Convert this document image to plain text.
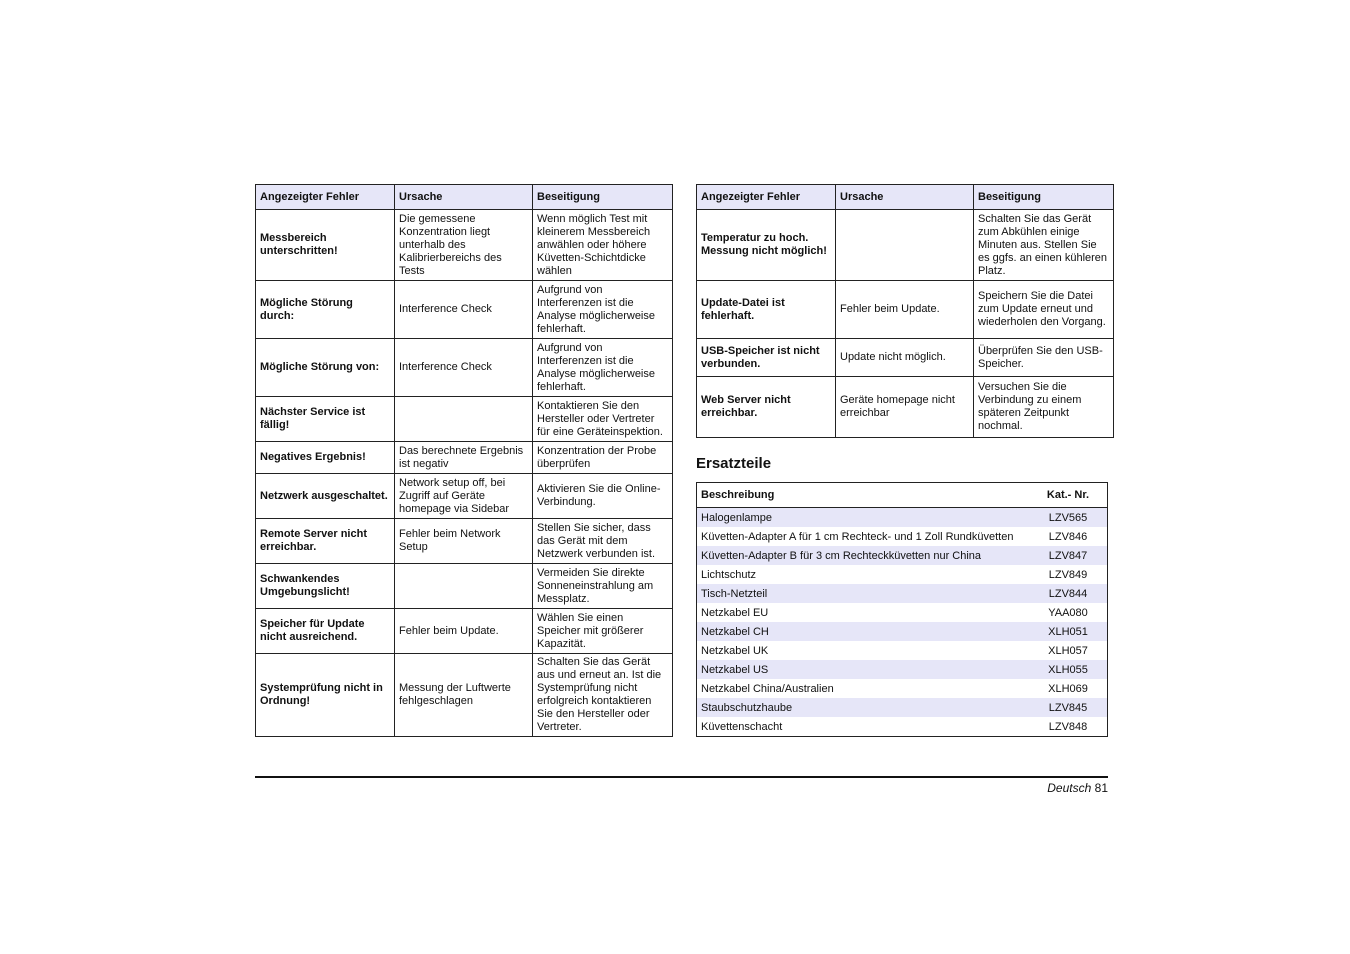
Angezeigter Fehler	Ursache	Beseitigung
Messbereich unterschritten!	Die gemessene Konzentration liegt unterhalb des Kalibrierbereichs des Tests	Wenn möglich Test mit kleinerem Messbereich anwählen oder höhere Küvetten-Schichtdicke wählen
Mögliche Störung durch:	Interference Check	Aufgrund von Interferenzen ist die Analyse möglicherweise fehlerhaft.
Mögliche Störung von:	Interference Check	Aufgrund von Interferenzen ist die Analyse möglicherweise fehlerhaft.
Nächster Service ist fällig!		Kontaktieren Sie den Hersteller oder Vertreter für eine Geräteinspektion.
Negatives Ergebnis!	Das berechnete Ergebnis ist negativ	Konzentration der Probe überprüfen
Netzwerk ausgeschaltet.	Network setup off, bei Zugriff auf Geräte homepage via Sidebar	Aktivieren Sie die Online-Verbindung.
Remote Server nicht erreichbar.	Fehler beim Network Setup	Stellen Sie sicher, dass das Gerät mit dem Netzwerk verbunden ist.
Schwankendes Umgebungslicht!		Vermeiden Sie direkte Sonneneinstrahlung am Messplatz.
Speicher für Update nicht ausreichend.	Fehler beim Update.	Wählen Sie einen Speicher mit größerer Kapazität.
Systemprüfung nicht in Ordnung!	Messung der Luftwerte fehlgeschlagen	Schalten Sie das Gerät aus und erneut an. Ist die Systemprüfung nicht erfolgreich kontaktieren Sie den Hersteller oder Vertreter.
Angezeigter Fehler	Ursache	Beseitigung
Temperatur zu hoch. Messung nicht möglich!		Schalten Sie das Gerät zum Abkühlen einige Minuten aus. Stellen Sie es ggfs. an einen kühleren Platz.
Update-Datei ist fehlerhaft.	Fehler beim Update.	Speichern Sie die Datei zum Update erneut und wiederholen den Vorgang.
USB-Speicher ist nicht verbunden.	Update nicht möglich.	Überprüfen Sie den USB-Speicher.
Web Server nicht erreichbar.	Geräte homepage nicht erreichbar	Versuchen Sie die Verbindung zu einem späteren Zeitpunkt nochmal.
Ersatzteile
Beschreibung	Kat.- Nr.
Halogenlampe	LZV565
Küvetten-Adapter A für 1 cm Rechteck- und 1 Zoll Rundküvetten	LZV846
Küvetten-Adapter B für 3 cm Rechteckküvetten nur China	LZV847
Lichtschutz	LZV849
Tisch-Netzteil	LZV844
Netzkabel EU	YAA080
Netzkabel CH	XLH051
Netzkabel UK	XLH057
Netzkabel US	XLH055
Netzkabel China/Australien	XLH069
Staubschutzhaube	LZV845
Küvettenschacht	LZV848
Deutsch 81
